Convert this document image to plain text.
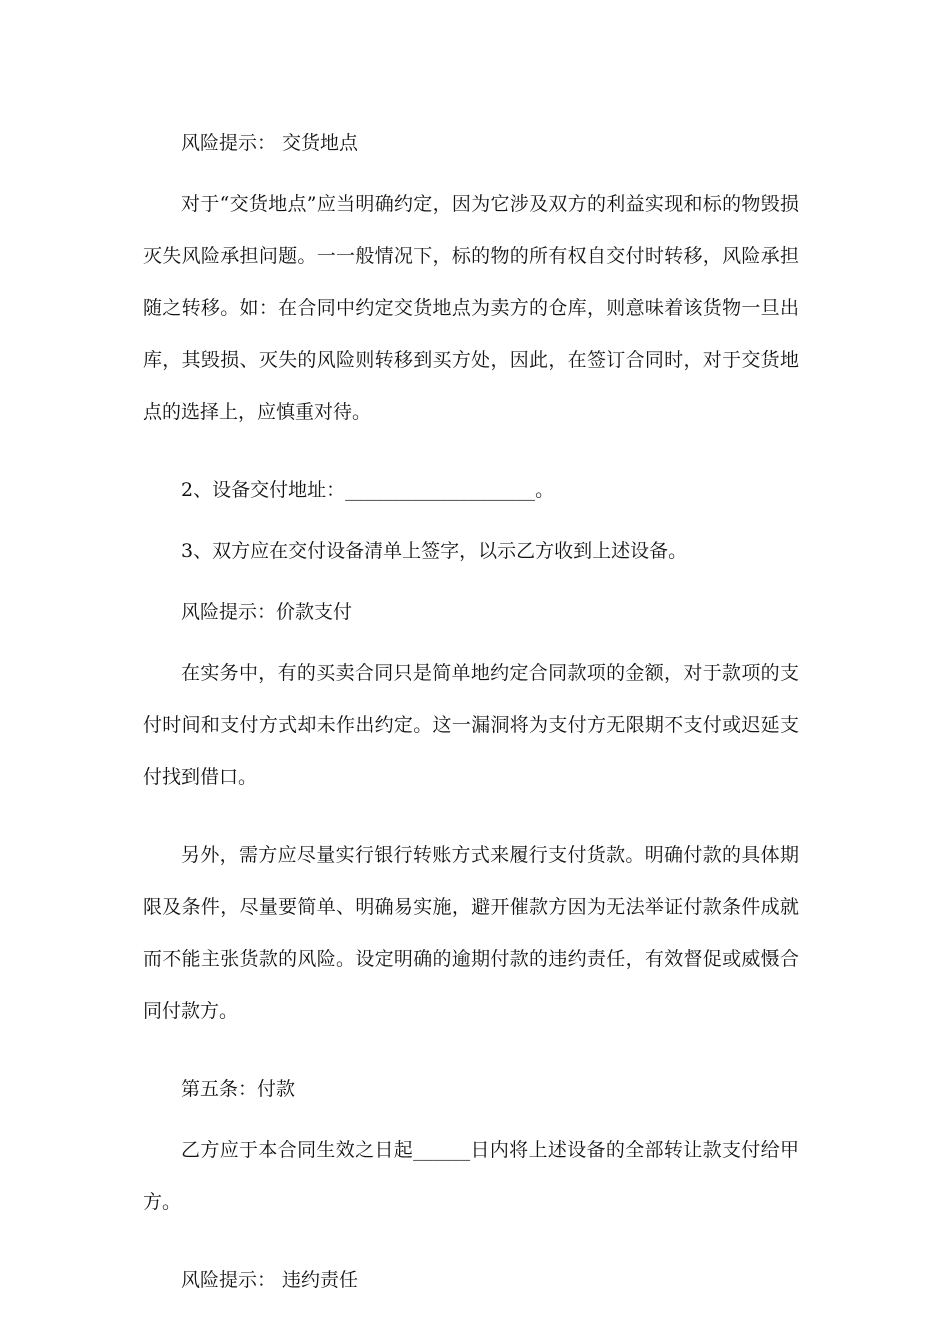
风险提示： 交货地点

对于“交货地点”应当明确约定，因为它涉及双方的利益实现和标的物毁损灭失风险承担问题。一一般情况下，标的物的所有权自交付时转移，风险承担随之转移。如：在合同中约定交货地点为卖方的仓库，则意味着该货物一旦出库，其毁损、灭失的风险则转移到买方处，因此，在签订合同时，对于交货地点的选择上，应慎重对待。

2、设备交付地址：____________________。

3、双方应在交付设备清单上签字，以示乙方收到上述设备。

风险提示：价款支付

在实务中，有的买卖合同只是简单地约定合同款项的金额，对于款项的支付时间和支付方式却未作出约定。这一漏洞将为支付方无限期不支付或迟延支付找到借口。

另外，需方应尽量实行银行转账方式来履行支付货款。明确付款的具体期限及条件，尽量要简单、明确易实施，避开催款方因为无法举证付款条件成就而不能主张货款的风险。设定明确的逾期付款的违约责任，有效督促或威慑合同付款方。

第五条：付款

乙方应于本合同生效之日起______日内将上述设备的全部转让款支付给甲方。

风险提示： 违约责任
